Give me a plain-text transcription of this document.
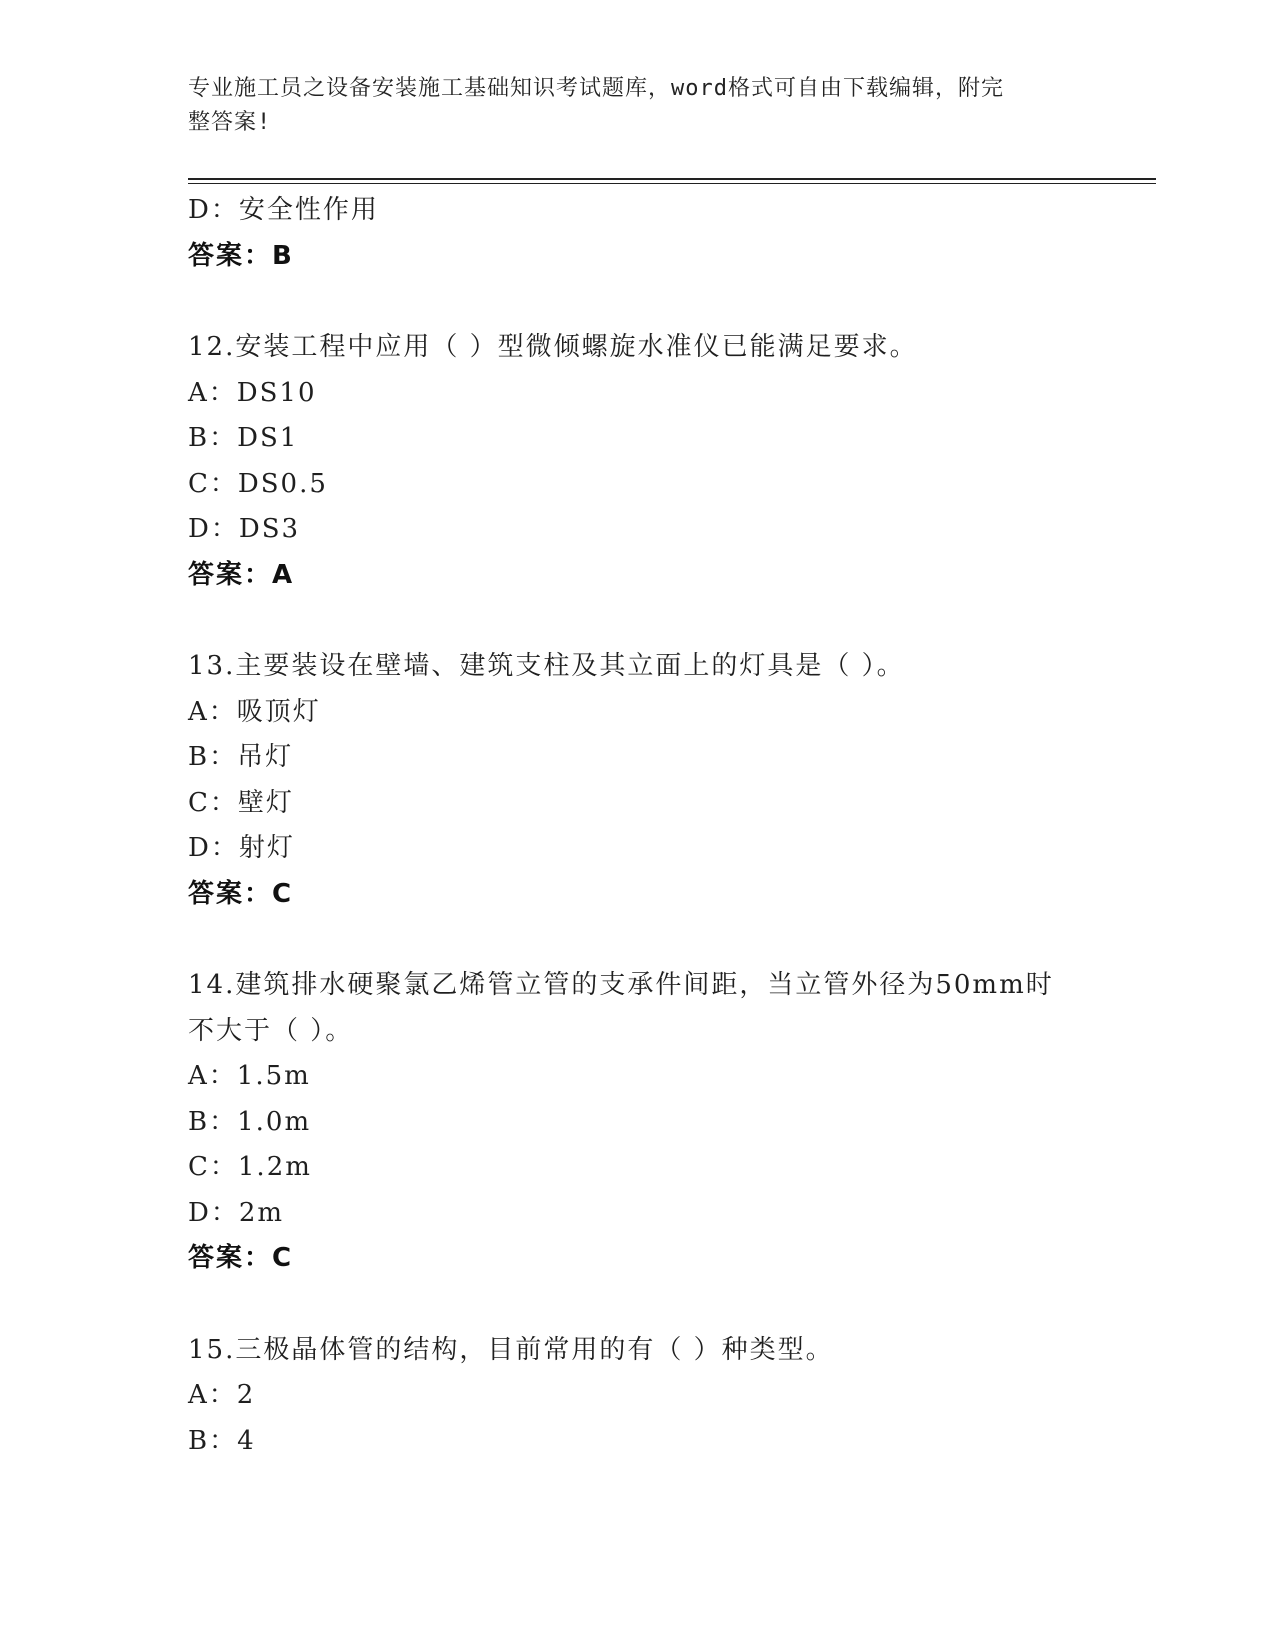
专业施工员之设备安装施工基础知识考试题库，word格式可自由下载编辑，附完
整答案!
D：安全性作用
答案：B
12.安装工程中应用（ ）型微倾螺旋水准仪已能满足要求。
A：DS10
B：DS1
C：DS0.5
D：DS3
答案：A
13.主要装设在壁墙、建筑支柱及其立面上的灯具是（ ）。
A：吸顶灯
B：吊灯
C：壁灯
D：射灯
答案：C
14.建筑排水硬聚氯乙烯管立管的支承件间距，当立管外径为50mm时
不大于（ ）。
A：1.5m
B：1.0m
C：1.2m
D：2m
答案：C
15.三极晶体管的结构，目前常用的有（ ）种类型。
A：2
B：4
